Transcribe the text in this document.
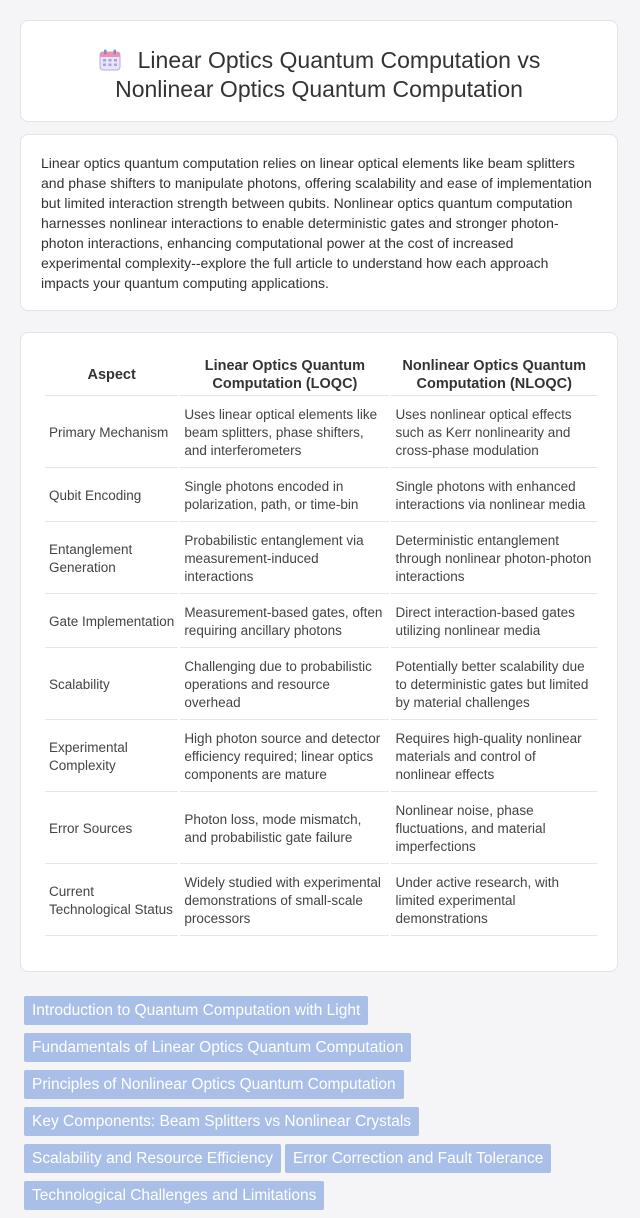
Linear Optics Quantum Computation vs Nonlinear Optics Quantum Computation

Linear optics quantum computation relies on linear optical elements like beam splitters and phase shifters to manipulate photons, offering scalability and ease of implementation but limited interaction strength between qubits. Nonlinear optics quantum computation harnesses nonlinear interactions to enable deterministic gates and stronger photon-photon interactions, enhancing computational power at the cost of increased experimental complexity--explore the full article to understand how each approach impacts your quantum computing applications.

Aspect	Linear Optics Quantum Computation (LOQC)	Nonlinear Optics Quantum Computation (NLOQC)
Primary Mechanism	Uses linear optical elements like beam splitters, phase shifters, and interferometers	Uses nonlinear optical effects such as Kerr nonlinearity and cross-phase modulation
Qubit Encoding	Single photons encoded in polarization, path, or time-bin	Single photons with enhanced interactions via nonlinear media
Entanglement Generation	Probabilistic entanglement via measurement-induced interactions	Deterministic entanglement through nonlinear photon-photon interactions
Gate Implementation	Measurement-based gates, often requiring ancillary photons	Direct interaction-based gates utilizing nonlinear media
Scalability	Challenging due to probabilistic operations and resource overhead	Potentially better scalability due to deterministic gates but limited by material challenges
Experimental Complexity	High photon source and detector efficiency required; linear optics components are mature	Requires high-quality nonlinear materials and control of nonlinear effects
Error Sources	Photon loss, mode mismatch, and probabilistic gate failure	Nonlinear noise, phase fluctuations, and material imperfections
Current Technological Status	Widely studied with experimental demonstrations of small-scale processors	Under active research, with limited experimental demonstrations
Introduction to Quantum Computation with Light
Fundamentals of Linear Optics Quantum Computation
Principles of Nonlinear Optics Quantum Computation
Key Components: Beam Splitters vs Nonlinear Crystals
Scalability and Resource Efficiency Error Correction and Fault Tolerance
Technological Challenges and Limitations
